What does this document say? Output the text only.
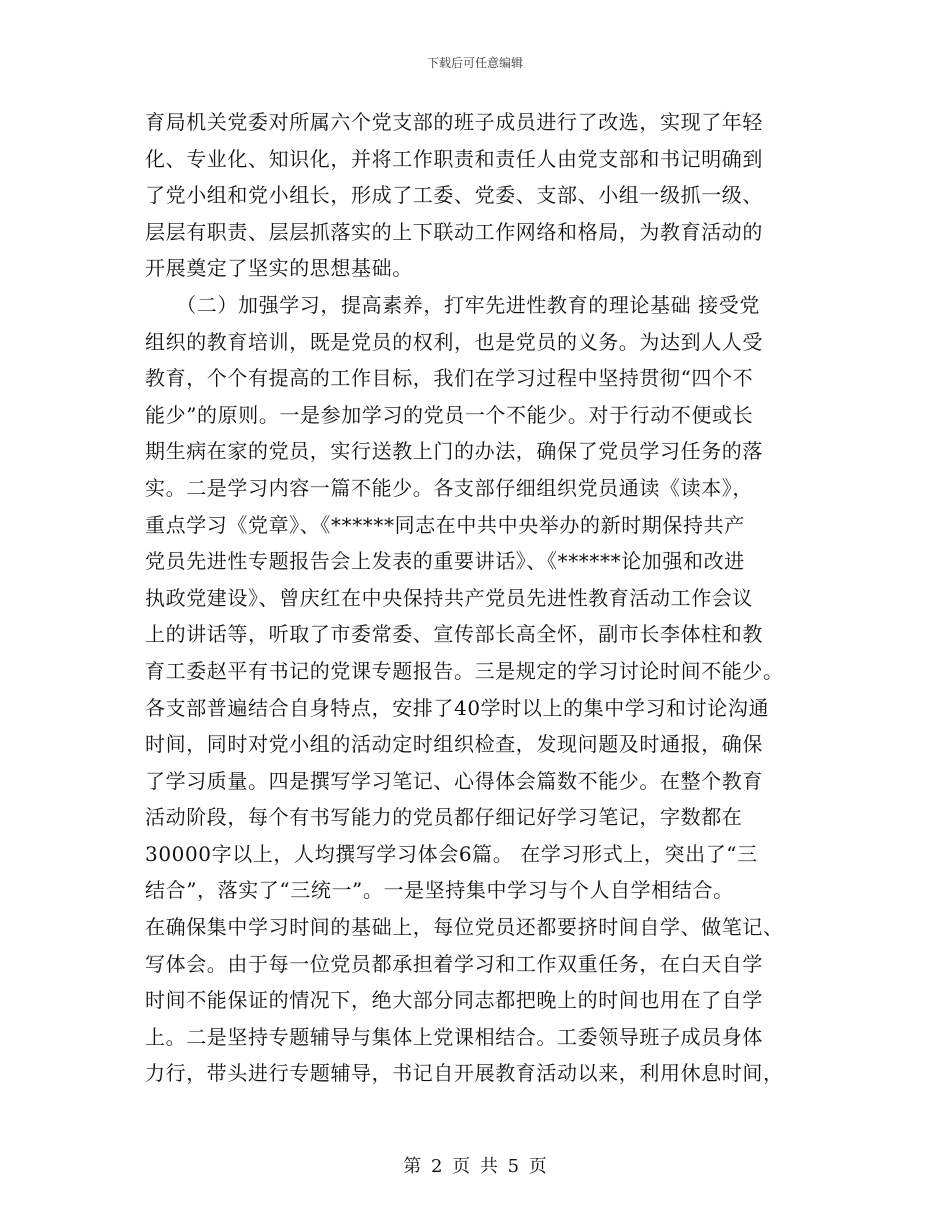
下载后可任意编辑
育局机关党委对所属六个党支部的班子成员进行了改选，实现了年轻
化、专业化、知识化，并将工作职责和责任人由党支部和书记明确到
了党小组和党小组长，形成了工委、党委、支部、小组一级抓一级、
层层有职责、层层抓落实的上下联动工作网络和格局，为教育活动的
开展奠定了坚实的思想基础。
　　（二）加强学习，提高素养，打牢先进性教育的理论基础 接受党
组织的教育培训，既是党员的权利，也是党员的义务。为达到人人受
教育，个个有提高的工作目标，我们在学习过程中坚持贯彻“四个不
能少”的原则。一是参加学习的党员一个不能少。对于行动不便或长
期生病在家的党员，实行送教上门的办法，确保了党员学习任务的落
实。二是学习内容一篇不能少。各支部仔细组织党员通读《读本》，
重点学习《党章》、《******同志在中共中央举办的新时期保持共产
党员先进性专题报告会上发表的重要讲话》、《******论加强和改进
执政党建设》、曾庆红在中央保持共产党员先进性教育活动工作会议
上的讲话等，听取了市委常委、宣传部长高全怀，副市长李体柱和教
育工委赵平有书记的党课专题报告。三是规定的学习讨论时间不能少。
各支部普遍结合自身特点，安排了40学时以上的集中学习和讨论沟通
时间，同时对党小组的活动定时组织检查，发现问题及时通报，确保
了学习质量。四是撰写学习笔记、心得体会篇数不能少。在整个教育
活动阶段，每个有书写能力的党员都仔细记好学习笔记，字数都在
30000字以上，人均撰写学习体会6篇。 在学习形式上，突出了“三
结合”，落实了“三统一”。一是坚持集中学习与个人自学相结合。
在确保集中学习时间的基础上，每位党员还都要挤时间自学、做笔记、
写体会。由于每一位党员都承担着学习和工作双重任务，在白天自学
时间不能保证的情况下，绝大部分同志都把晚上的时间也用在了自学
上。二是坚持专题辅导与集体上党课相结合。工委领导班子成员身体
力行，带头进行专题辅导，书记自开展教育活动以来，利用休息时间，
第 2 页 共 5 页
